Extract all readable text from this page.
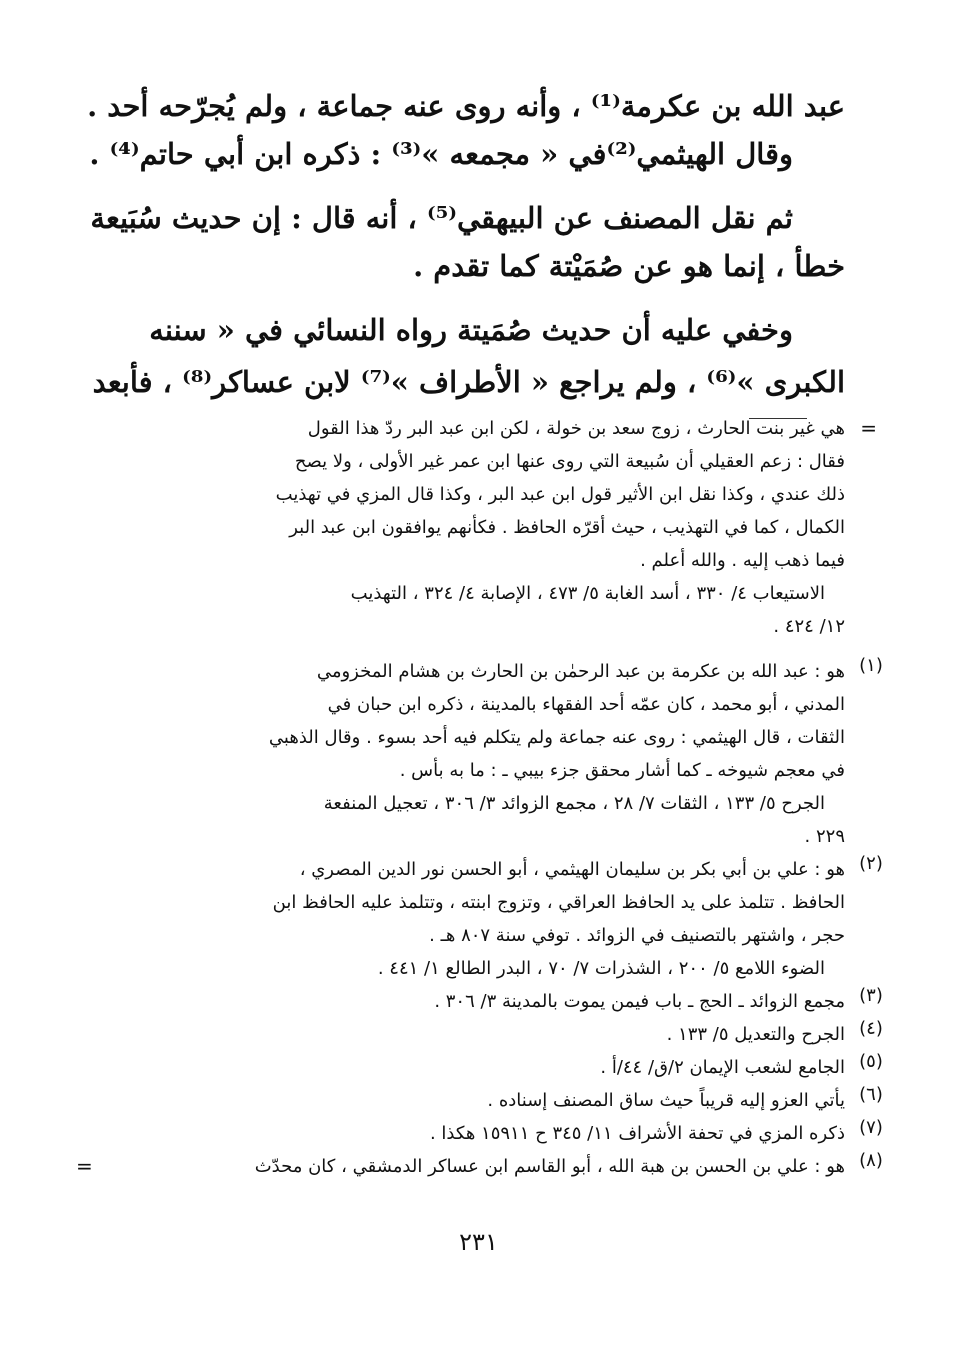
عبد الله بن عكرمة⁽¹⁾ ، وأنه روى عنه جماعة ، ولم يُجرّحه أحد .
وقال الهيثمي⁽²⁾في « مجمعه »⁽³⁾ : ذكره ابن أبي حاتم⁽⁴⁾ .
ثم نقل المصنف عن البيهقي⁽⁵⁾ ، أنه قال : إن حديث سُبَيعة
خطأ ، إنما هو عن صُمَيْتة كما تقدم .
وخفي عليه أن حديث صُمَيتة رواه النسائي في « سننه
الكبرى »⁽⁶⁾ ، ولم يراجع « الأطراف »⁽⁷⁾ لابن عساكر⁽⁸⁾ ، فأبعد
=
هي غير بنت الحارث ، زوج سعد بن خولة ، لكن ابن عبد البر ردّ هذا القول
فقال : زعم العقيلي أن سُبيعة التي روى عنها ابن عمر غير الأولى ، ولا يصح
ذلك عندي ، وكذا نقل ابن الأثير قول ابن عبد البر ، وكذا قال المزي في تهذيب
الكمال ، كما في التهذيب ، حيث أقرّه الحافظ . فكأنهم يوافقون ابن عبد البر
فيما ذهب إليه . والله أعلم .
الاستيعاب ٤/ ٣٣٠ ، أسد الغابة ٥/ ٤٧٣ ، الإصابة ٤/ ٣٢٤ ، التهذيب
١٢/ ٤٢٤ .
(١)
هو : عبد الله بن عكرمة بن عبد الرحمٰن بن الحارث بن هشام المخزومي
المدني ، أبو محمد ، كان عمّه أحد الفقهاء بالمدينة ، ذكره ابن حبان في
الثقات ، قال الهيثمي : روى عنه جماعة ولم يتكلم فيه أحد بسوء . وقال الذهبي
في معجم شيوخه ـ كما أشار محقق جزء بيبي ـ : ما به بأس .
الجرح ٥/ ١٣٣ ، الثقات ٧/ ٢٨ ، مجمع الزوائد ٣/ ٣٠٦ ، تعجيل المنفعة
٢٢٩ .
(٢)
هو : علي بن أبي بكر بن سليمان الهيثمي ، أبو الحسن نور الدين المصري ،
الحافظ . تتلمذ على يد الحافظ العراقي ، وتزوج ابنته ، وتتلمذ عليه الحافظ ابن
حجر ، واشتهر بالتصنيف في الزوائد . توفي سنة ٨٠٧ هـ .
الضوء اللامع ٥/ ٢٠٠ ، الشذرات ٧/ ٧٠ ، البدر الطالع ١/ ٤٤١ .
(٣)
مجمع الزوائد ـ الحج ـ باب فيمن يموت بالمدينة ٣/ ٣٠٦ .
(٤)
الجرح والتعديل ٥/ ١٣٣ .
(٥)
الجامع لشعب الإيمان ٢/ق/ ٤٤/أ .
(٦)
يأتي العزو إليه قريباً حيث ساق المصنف إسناده .
(٧)
ذكره المزي في تحفة الأشراف ١١/ ٣٤٥ ح ١٥٩١١ هكذا .
(٨)
هو : علي بن الحسن بن هبة الله ، أبو القاسم ابن عساكر الدمشقي ، كان محدّث
=
٢٣١
